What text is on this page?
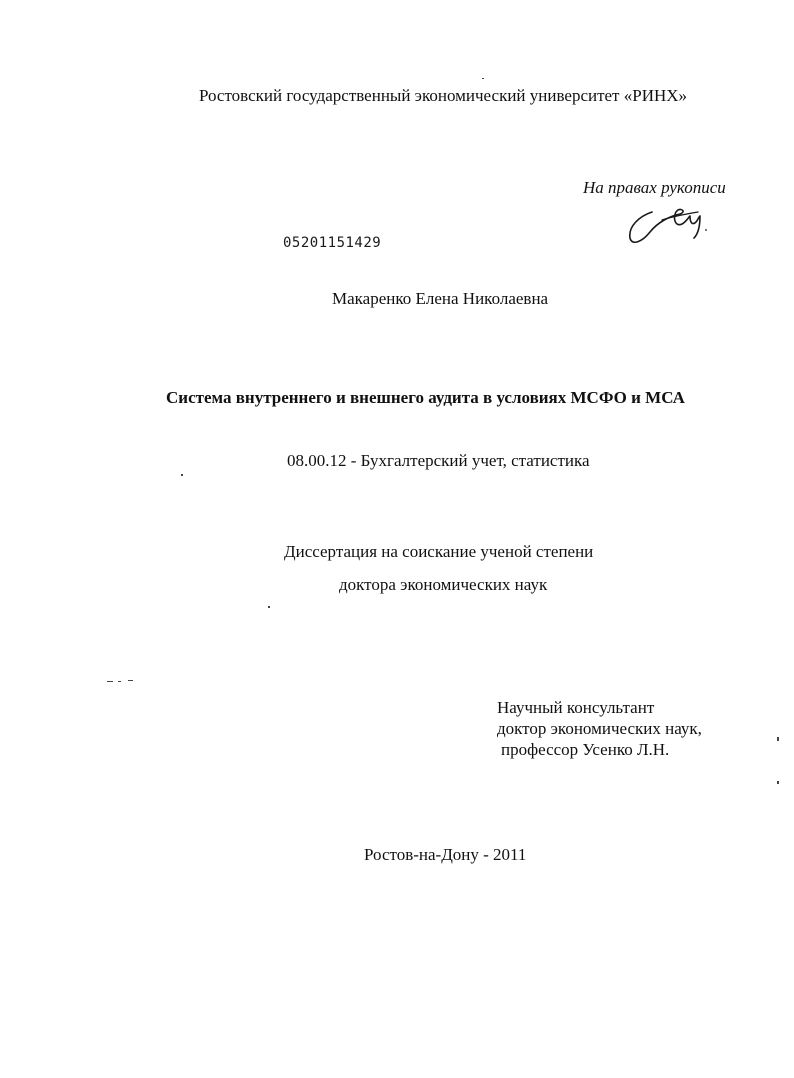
Ростовский государственный экономический университет «РИНХ»
На правах рукописи
05201151429
Макаренко Елена Николаевна
Система внутреннего и внешнего аудита в условиях МСФО и МСА
08.00.12 - Бухгалтерский учет, статистика
Диссертация на соискание ученой степени
доктора экономических наук
Научный консультант
доктор экономических наук,
профессор Усенко Л.Н.
Ростов-на-Дону - 2011
